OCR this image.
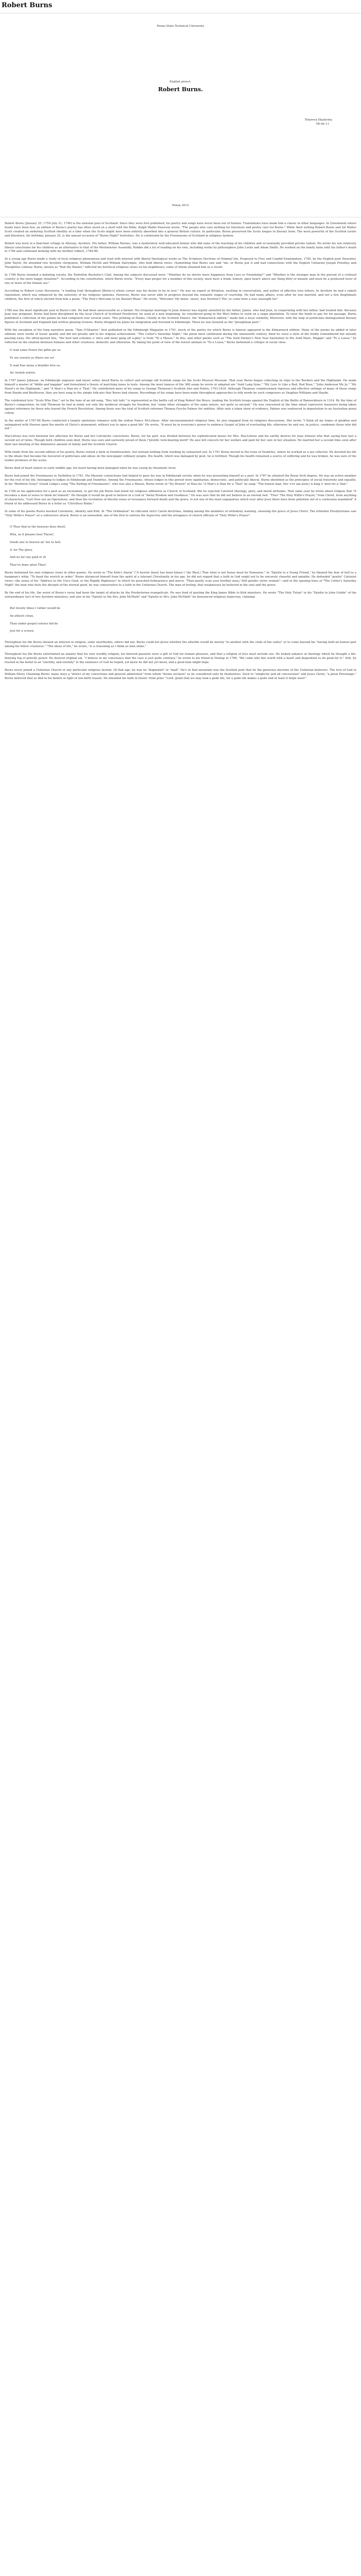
Robert Burns
Penza State Technical University
English proect.
Robert Burns.
Tetereva Ekaterina
08 ith 11
Penza 2012

Robert Burns (January 25, 1759–July 21, 1796) is the national poet of Scotland. Since they were first published, his poetry and songs have never been out of fashion. Translations have made him a classic in other languages. In Greenlands where books have been few, an edition of Burns's poetry has often stood on a shelf with the Bible. Ralph Waldo Emerson wrote, "The people who care nothing for literature and poetry care for Burns." While their writing Robert Burns and Sir Walter Scott created an enduring Scottish identity at a time when the Scots might have been entirely absorbed into a general British culture. In particular, Burns preserved the Scots tongue in literary form. The most powerful of the Scottish lyrists and literature, his birthday, January 25, is the annual occasion of "Burns Night" festivities. He is celebrated by the Freemasons of Scotland in religious fashion.

Robert was born in a thatched cottage in Alloway, Ayrshire. His father, William Burnes, was a moderately well-educated farmer who did some of the teaching of his children and occasionally provided private tuition. He wrote his son relatively liberal catechisms for his children as an alternative to that of the Westminster Assembly. Robbie did a lot of reading on his own, including works by philosophers John Locke and Adam Smith. He worked on the family farm until his father's death in 1784 and continued farming with his brother Gilbert, 1784-86.

At a young age Burns made a study of local religious phenomena and read with interest with liberal theological works as The Scripture Doctrine of Original Sin, Proposed to Free and Candid Examination, 1740, by the English poet Dissenter, John Taylor. He attended two Ayrshire clergymen, William McGill and William Dalrymple, who held liberal views. (Something that Burns saw and "me, or Burns put it and had connections with the English Unitarian Joseph Priestley and Theophilus Lindsey. Burns, known as "Rab the Ranter," inflicted his heretical religious views on his neighbours; some of whom shunned him as a result.

In 1786 Burns founded a debating society, the Tarbolton Bachelor's Club. Among the subjects discussed were: "Whether do we derive more happiness from Love or Friendship?" and "Whether is the stronger man in the pursuit of a civilised country is the more happy situation?". According to the constitution, which Burns wrote, "Every man proper for a member of this society, must have a frank, honest, open heart; above any thing dirty or meanly and must be a professed lover of one or more of the female sex."

According to Robert Louis Stevenson, "a leading trait throughout [Burns's] whole career was his desire to be in love." He was an expert at flirtation, exulting in conversation, and author of affective love letters. In Ayrshire he had a rakish reputation, which was enhanced by the notoriety of his religious opinions. However, Burns was never able to progress beyond the romantic stages of courtship. He had many affairs, even after he was married, and not a few illegitimate children, the first of which elicited from him a poem, "The Poet's Welcome to his Bastart Wean." He wrote, "Welcome! My bonie, sweet, wee Dochter!/ Tho' ye come here a wee unsought for."

1786 was the most significant year in Burns's life. He had been unsuccessful as a farmer. His irregular marriage to Jean Armour was legally annulled by her father, James, who had Jean, in cooperating with her father, had treated him. Because Jean was pregnant, Burns had been disciplined by the local Church of Scotland Presbytery, he used at a new beginning, he considered going to the West Indies to work on a sugar plantation. To raise the funds to pay for his passage, Burns published a collection of the poems he had composed over several years. This printing of Poems, Chiefly in the Scottish Dialect, the "Kilmarnock edition," made him a local celebrity. Moreover, with the help of politicians distinguished literary figures in Scotland and England had written glowing reviews. Burns dropped his plans for emigration and traveled to Edinburgh. There he was lionized as the "ploughman poet."

With the exception of the long narrative poem, "Tam O'Shanter," first published in the Edinburgh Magazine in 1791, much of the poetry for which Burns is famous appeared in the Kilmarnock edition. Many of the poems he added in later editions were works of lesser quality and did not greatly add to his original achievement. "The Cotter's Saturday Night," the poem most celebrated during the nineteenth century, fixed its voice a style of life fondly remembered but already passing away. His often-quoted line, "the best laid schemes o' mice and men/ gang aft a-gley" is from "To a Mouse." In this, and other poems such as "The Auld Farmer's New Year Salutation to His Auld Mare, Maggie" and "To a Louse," he reflected on the relation between humans and other creatures, domestic and otherwise. By taking the point of view of the lowest animals in "To a Louse," Burns fashioned a critique of social class.

O wad some Power the giftie gie us

To see oursels as ithers see us!

It wad frae mony a blunder free us,

An' foolish notion.

In 1787 James Johnson, an Edinburgh engraver and music seller, hired Burns to collect and arrange old Scottish songs for the Scots Musical Museum. That year Burns began collecting on trips to the Borders and the Highlands. He made himself a master of "fiddle and bagpipe" and formulated a theory of matching tunes to texts. Among the most famous of the 368 songs he wrote or adapted are "Auld Lang Syne," "My Love Is Like a Red, Red Rose," "John Anderson My Jo," "My Heart's in the Highlands," and "A Man's a Man for a' That," He contributed more of his songs to George Thomson's Scottish Airs and Poetry, 1793-1818. Although Thomson commissioned vigorous and effective settings of many of these songs from Haydn and Beethoven, they are best sung to the simple folk-airs that Burns had chosen. Recordings of his songs have been made throughout approaches to folk words by such composers as Vaughan Williams and Haydn.

The celebrated lyric "Scots Wha Hae," set to the tune of an old song, "Hey tuti taiti," is represented as the battle call of King Robert the Bruce, leading the Scottish troops against the English at the Battle of Bannockburn in 1314. By the time of Burns's composition, he told Thomson he had in mind, not only the medieval struggle for freedom, but "some other struggles of the same nature, not quite so ancient." He was concerned at the time about repressive measures being taken against reformers by those who feared the French Revolution. Among these was the trial of Scottish reformer Thomas Fysche Palmer for sedition. After only a token show of evidence, Palmer was sentenced to deportation to an Australian penal colony.

In the winter of 1787-88 Burns conducted a largely epistolary romance with the widow Nancy McLehose. After unconsummated religious time, he also engaged from its religious discussions. She wrote "I think all my hopes of gladden and unimpaired with Heaven upon the merits of Christ's atonement; without you to open a good life" He wrote, "It must be in everyone's power to embrace Gospel of Jehn of everlasting life; otherwise he and sex, in justice, condemns those who did not."

MacLehose was torn between her affection for Burns and her Calvinistic convictions. Burns, for his part, was divided between his sophisticated muses for Mrs. MacLehose and his earthy desires for Jean Armour who that saying how fast a second set of twins. Though both children soon died, Burns was sure and earnestly proud of them ("prolific twin-bearing merit" He also felt concern for her welfare and paid for her care in her situation. He married her a second time soon after their last meeting of the diminutive amount of family and the Scottish Church.

With funds from the second edition of his poetry, Burns rented a farm in Dumfriesshire, but instead nothing from working by exhausted soil. In 1791 Burns moved to the town of Dumfries, where he worked as a tax collector. He devoted his life to the ideals that became the favoured of politicians and abuse on the newspaper ordinary people. His health, which was damaged by gout, he is fortified. Though his health remained a source of suffering and he was broken, he was sure of the tender promises of the scene.

Burns died of heart failure in early middle age; his heart having been damaged when he was young by rheumatic fever.

Burns had joined the Freemasons in Tarbolton in 1781. His Masonic connections had helped to pave his way in Edinburgh society when he was presenting himself as a poet. In 1787 he attained the Royal Arch degree. He was an active member for the rest of his life, belonging to lodges in Edinburgh and Dumfries. Among the Freemasons, whose lodges in this period were egalitarian, democratic, and politically liberal, Burns identified as the principles of social fraternity and equality. In his "Brethren Grays" Grand Lodge's song "The Parting of Freemasons", who was also a Mason, Burns wrote of "Sly Brawls" at Mau-Au "A Man's A Man for a' That" he sang: "The honest man, tho' e'er sae poor,/ is king o' men for a' that."

In 1786 as his application for a post as an excisemen, to get the job Burns had listed his religious affiliation as Church of Scotland. But he rejected Calvinist theology, piety, and moral attitudes. That same year he wrote about religion that "it becomes a man of sense to think for himself." He thought it would be good to believe in a God of "Awful Wisdom and Goodness." He was sure that he did not believe in an eternal hell. "Thus" The Holy Willie's Prayer," from Christ, from anything of characters, "Cart How are on Operations, and then the revelation of blissful sense of revenance forward death and the grave. Is not one of the most unpopulous which ever after Jessi there have been pollution out of a confession mandated" A friend of his addressed Burns in a letter as "Christless Robin."

In some of his poems Burns mocked Calvinistic, identity and Kirk. In "The Ordination" he ridiculed strict Calvin doctrines, finding among the members of orthodoxy warning, unseeing the grace of Jesus Christ. The orthodox Presbyterians saw "Holy Willie's Prayer" as a subversive attack. Burns is an unwashed, one of the first to satirise the hypocrisy and the arrogance of church officials of "Holy Willie's Prayer".

O Thou that in the heavens does dwell,

Wha, as it pleases best Thysel',

Sends ane to heaven an' ten to hell,

A' for Thy glory,

And no for ony guid or ill

They've done afore Thee!

Burns fashioned his own religious views in other poems. He wrote in "The Kirk's Alarm" ("A heretic blast/ has been blawn i' the West,/ That what is not Sense must be Nonsense." In "Epistle to a Young Friend," he likened the fear of hell to a hangman's whip: "To haud the wretch in order." Burns distanced himself from the spirit of a tolerant Christianity in his age, he did not regard that a faith in God ought not to be sincerely cheerful and amiable. He defended "gentle" Calvinist views—the sense of his "Address to the Unco Guid, or the Rigidly Righteous" in which he preached forbearance and mercy. "Then gently scan your brother man,/ Still gentler sister woman"—and in the opening lines of "The Cotter's Saturday Night" the man who feels the disciple of the eternal good, he was conservative to a faith in the Unitarian Church. The man of feeling, that weaknesses he believed in the soul and the grave.

By the end of his life, the worst of Burns's verse had been the target of attacks by the Presbyterian evangelicals. He was fond of quoting the King James Bible to Kirk ministers. He wrote "The Holy Tulzie" in his "Epistle to John Goldie" of the extraordinary fact of two Ayrshire ministers, and also in his "Epistle to the Rev. John McMath" and "Epistle to Mrs. John McMath" he denounced religious hypocrisy, claiming:

But twenty times I rather would be

An atheist clean,

Than under gospel colours hid be

Just for a screen.

Throughout his life Burns showed an interest in religion, some unorthodox, others did not. Burns could not prove whether the afterlife would be merely "in another with the clods of the valley" or to come beyond his "having held an honest part among his fellow creatures." "The ideas of life," he wrote, "is a reasoning as I think as man shine."

Throughout his life Burns entertained an anxiety that his own worldly religion, his beloved passions were a gift of God for human pleasure, and that a religion of love must include sex. He looked askance at theology which he thought a life-denying fog of priestly power. He desired original sin. "I believe in my conscience that the case is just quite contrary," he wrote to his friend in Dunlop in 1789. "We come into this world with a heart and disposition to do good for it." Still, he trusted in the belief in an "eternity, and eternity" in the existence of God he hoped, yet knew he did not yet know, and a good man might hope.

Burns never joined a Unitarian Church or any particular religious faction. Of that age, he was no "dogmatist" or "mad". He's in that mountain was the Scottish poet that he the generous doctrine of the Unitarian believers. The love of God in William Ellery Channing Burns' many ways a "distict of my convictions and general admiration" from whom "divine sections" as he considered unto by themselves. Such to "simplicity and all concessions" and Jesus Christ, "a great Personage." Burns believed that as find in his beliefs in light of low-birth reason. He intended his faith in Deists' from prior. "Lord, grant that we may lead a gude life, for a gude life makes a gude end at least it helps weel!"
